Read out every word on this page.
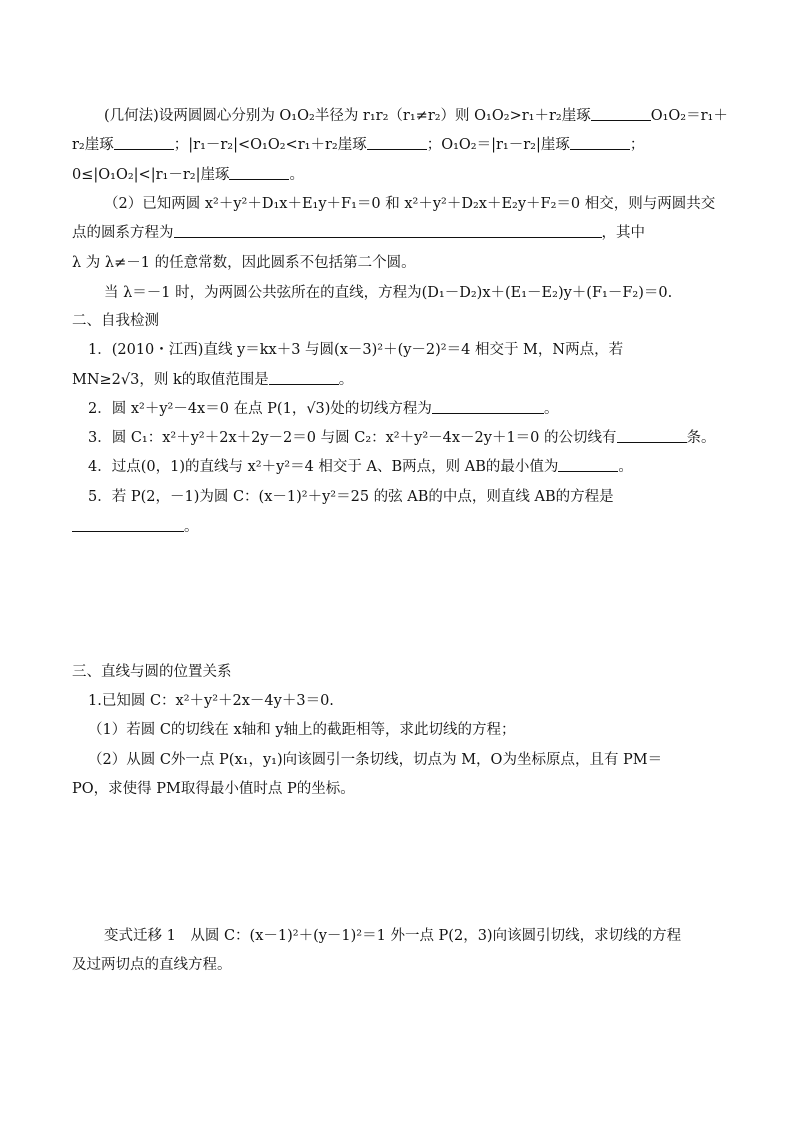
(几何法)设两圆圆心分别为 O₁O₂半径为 r₁r₂（r₁≠r₂）则 O₁O₂>r₁＋r₂崖琢	O₁O₂＝r₁＋
r₂崖琢	；|r₁－r₂|<O₁O₂<r₁＋r₂崖琢	；O₁O₂＝|r₁－r₂|崖琢	；
0≤|O₁O₂|<|r₁－r₂|崖琢	。
（2）已知两圆 x²＋y²＋D₁x＋E₁y＋F₁＝0 和 x²＋y²＋D₂x＋E₂y＋F₂＝0 相交，则与两圆共交
点的圆系方程为	，其中
λ 为 λ≠－1 的任意常数，因此圆系不包括第二个圆。
当 λ＝－1 时，为两圆公共弦所在的直线，方程为(D₁－D₂)x＋(E₁－E₂)y＋(F₁－F₂)＝0.
二、自我检测
1．(2010・江西)直线 y＝kx＋3 与圆(x－3)²＋(y－2)²＝4 相交于 M，N两点，若
MN≥2√3，则 k的取值范围是	。
2．圆 x²＋y²－4x＝0 在点 P(1，√3)处的切线方程为	。
3．圆 C₁：x²＋y²＋2x＋2y－2＝0 与圆 C₂：x²＋y²－4x－2y＋1＝0 的公切线有	条。
4．过点(0，1)的直线与 x²＋y²＝4 相交于 A、B两点，则 AB的最小值为	。
5．若 P(2，－1)为圆 C：(x－1)²＋y²＝25 的弦 AB的中点，则直线 AB的方程是
。
三、直线与圆的位置关系
1.已知圆 C：x²＋y²＋2x－4y＋3＝0.
（1）若圆 C的切线在 x轴和 y轴上的截距相等，求此切线的方程；
（2）从圆 C外一点 P(x₁，y₁)向该圆引一条切线，切点为 M，O为坐标原点，且有 PM＝
PO，求使得 PM取得最小值时点 P的坐标。
变式迁移 1　从圆 C：(x－1)²＋(y－1)²＝1 外一点 P(2，3)向该圆引切线，求切线的方程
及过两切点的直线方程。
